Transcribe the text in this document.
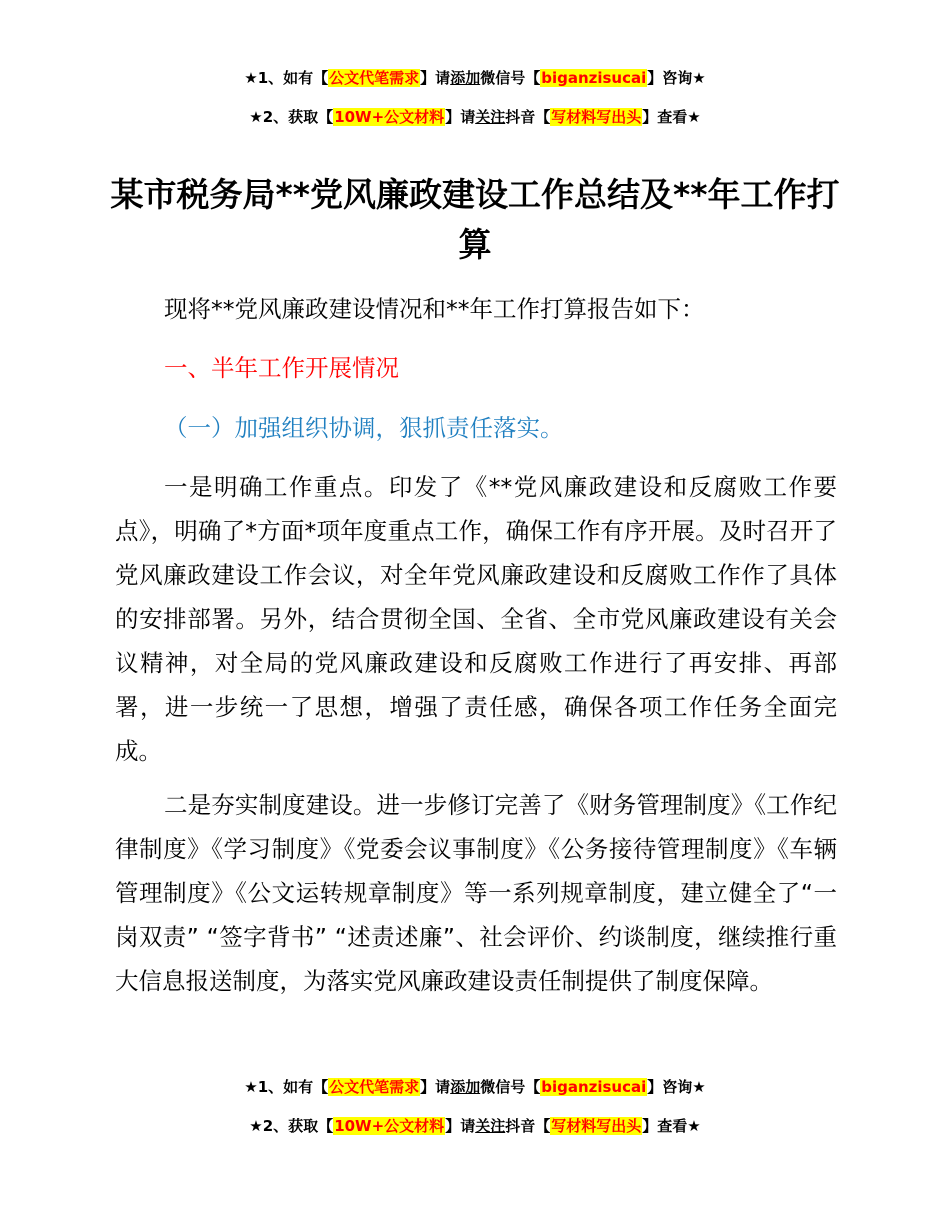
★1、如有【公文代笔需求】请添加微信号【biganzisucai】咨询★
★2、获取【10W+公文材料】请关注抖音【写材料写出头】查看★
某市税务局**党风廉政建设工作总结及**年工作打算

现将**党风廉政建设情况和**年工作打算报告如下：

一、半年工作开展情况

（一）加强组织协调，狠抓责任落实。

一是明确工作重点。印发了《**党风廉政建设和反腐败工作要点》，明确了*方面*项年度重点工作，确保工作有序开展。及时召开了党风廉政建设工作会议，对全年党风廉政建设和反腐败工作作了具体的安排部署。另外，结合贯彻全国、全省、全市党风廉政建设有关会议精神，对全局的党风廉政建设和反腐败工作进行了再安排、再部署，进一步统一了思想，增强了责任感，确保各项工作任务全面完成。

二是夯实制度建设。进一步修订完善了《财务管理制度》《工作纪律制度》《学习制度》《党委会议事制度》《公务接待管理制度》《车辆管理制度》《公文运转规章制度》等一系列规章制度，建立健全了“一岗双责” “签字背书” “述责述廉”、社会评价、约谈制度，继续推行重大信息报送制度，为落实党风廉政建设责任制提供了制度保障。

★1、如有【公文代笔需求】请添加微信号【biganzisucai】咨询★
★2、获取【10W+公文材料】请关注抖音【写材料写出头】查看★
